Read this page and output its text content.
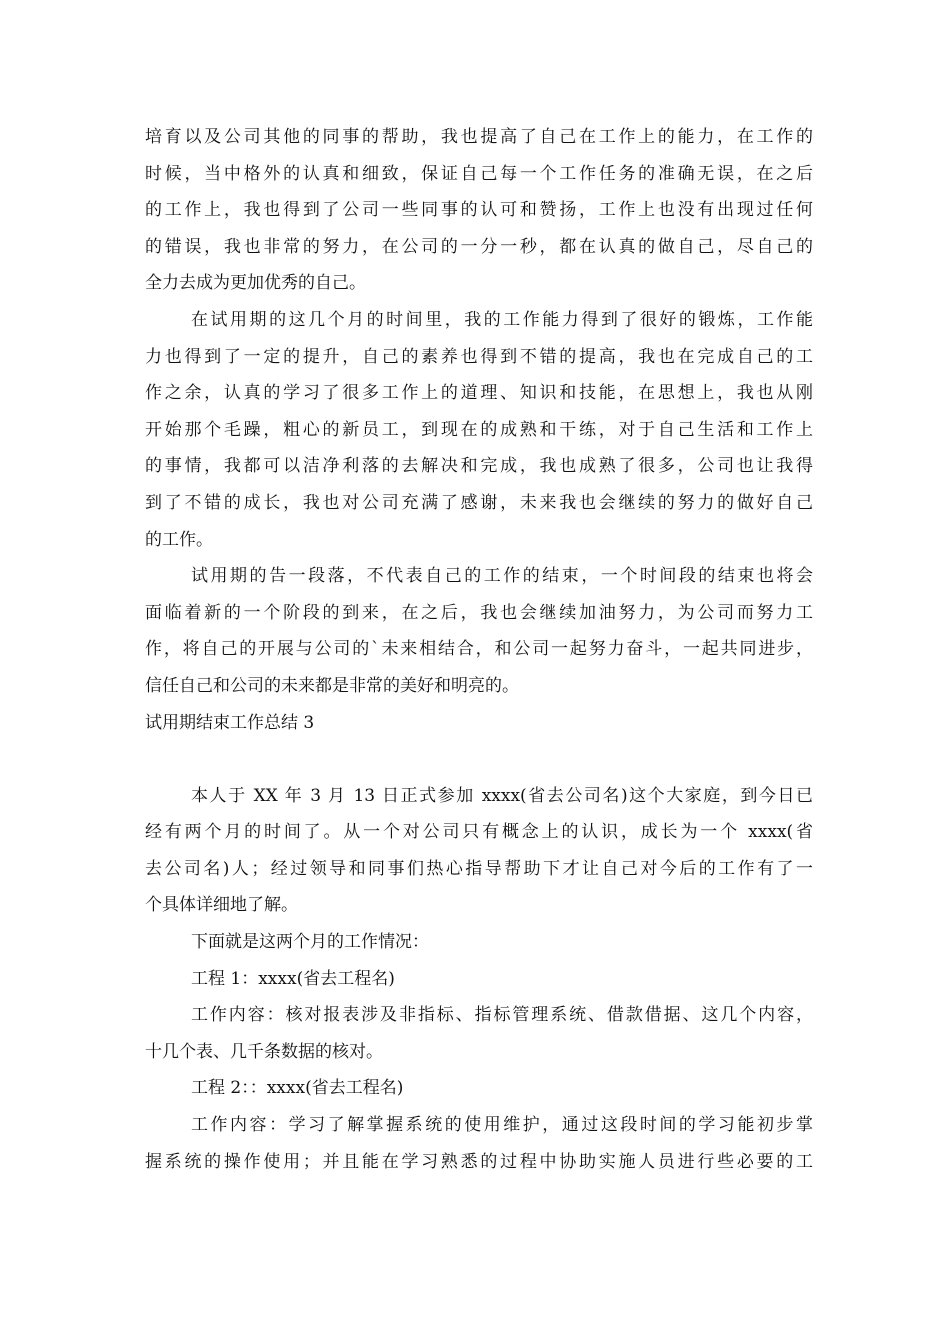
培育以及公司其他的同事的帮助，我也提高了自己在工作上的能力，在工作的
时候，当中格外的认真和细致，保证自己每一个工作任务的准确无误，在之后
的工作上，我也得到了公司一些同事的认可和赞扬，工作上也没有出现过任何
的错误，我也非常的努力，在公司的一分一秒，都在认真的做自己，尽自己的
全力去成为更加优秀的自己。
在试用期的这几个月的时间里，我的工作能力得到了很好的锻炼，工作能
力也得到了一定的提升，自己的素养也得到不错的提高，我也在完成自己的工
作之余，认真的学习了很多工作上的道理、知识和技能，在思想上，我也从刚
开始那个毛躁，粗心的新员工，到现在的成熟和干练，对于自己生活和工作上
的事情，我都可以洁净利落的去解决和完成，我也成熟了很多，公司也让我得
到了不错的成长，我也对公司充满了感谢，未来我也会继续的努力的做好自己
的工作。
试用期的告一段落，不代表自己的工作的结束，一个时间段的结束也将会
面临着新的一个阶段的到来，在之后，我也会继续加油努力，为公司而努力工
作，将自己的开展与公司的`未来相结合，和公司一起努力奋斗，一起共同进步，
信任自己和公司的未来都是非常的美好和明亮的。
试用期结束工作总结 3
本人于 XX 年 3 月 13 日正式参加 xxxx(省去公司名)这个大家庭，到今日已
经有两个月的时间了。从一个对公司只有概念上的认识，成长为一个 xxxx(省
去公司名)人；经过领导和同事们热心指导帮助下才让自己对今后的工作有了一
个具体详细地了解。
下面就是这两个月的工作情况：
工程 1：xxxx(省去工程名)
工作内容：核对报表涉及非指标、指标管理系统、借款借据、这几个内容，
十几个表、几千条数据的核对。
工程 2：：xxxx(省去工程名)
工作内容：学习了解掌握系统的使用维护，通过这段时间的学习能初步掌
握系统的操作使用；并且能在学习熟悉的过程中协助实施人员进行些必要的工
